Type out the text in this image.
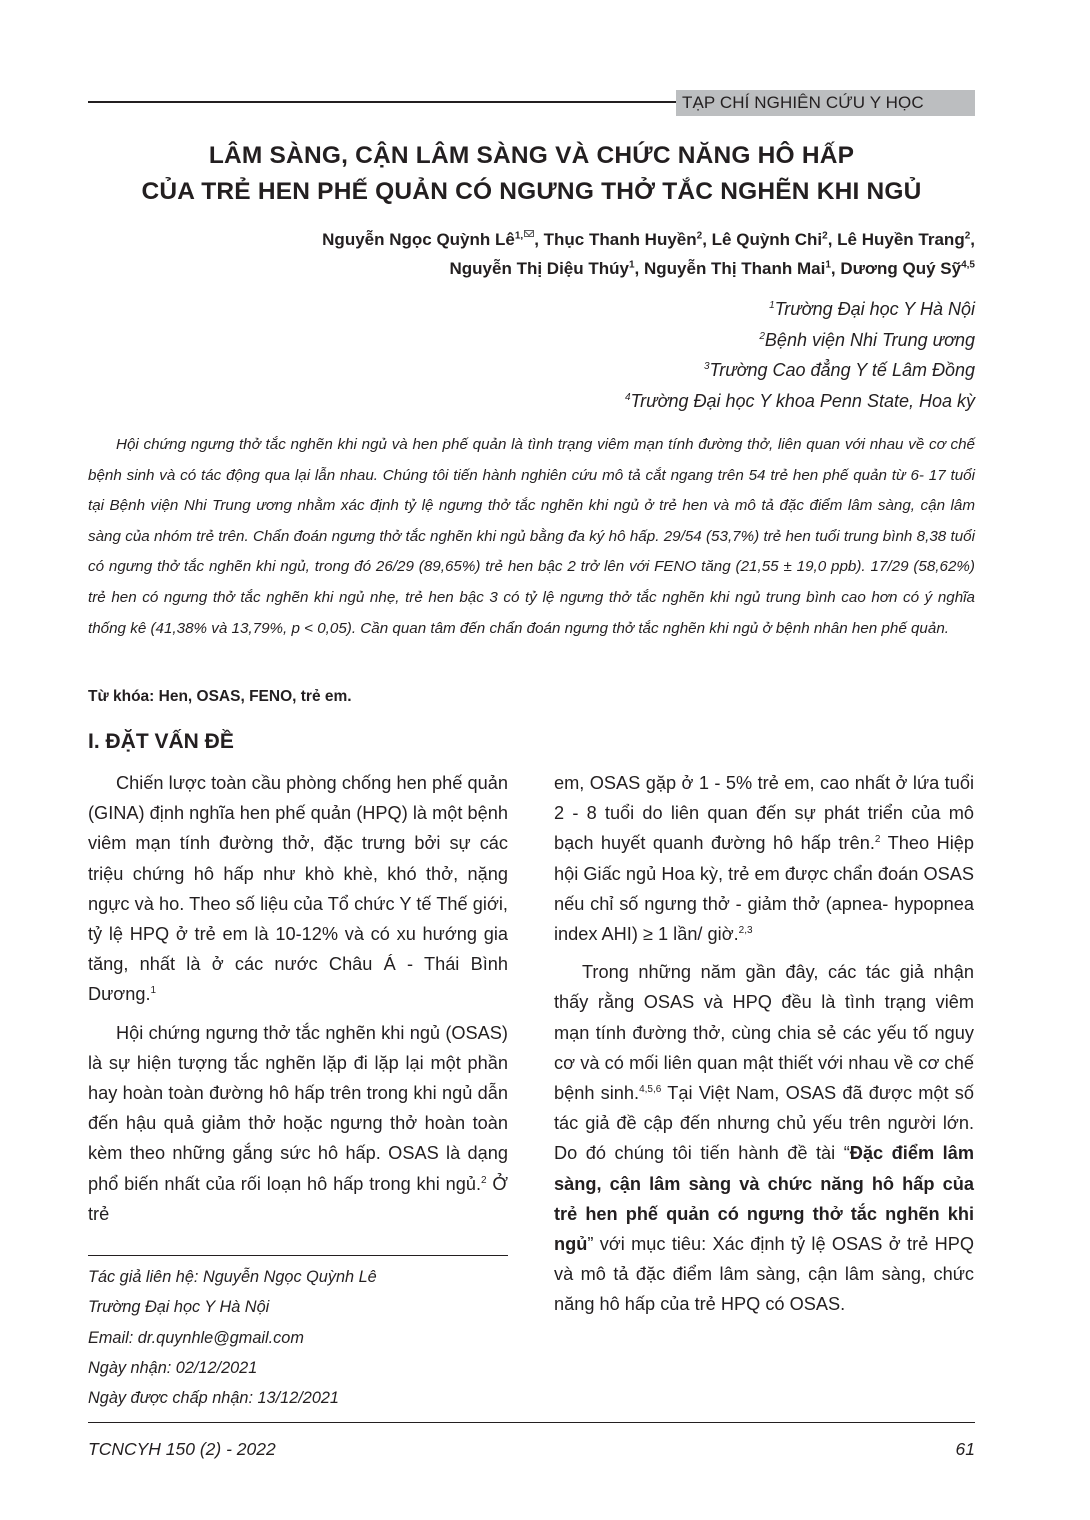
TẠP CHÍ NGHIÊN CỨU Y HỌC
LÂM SÀNG, CẬN LÂM SÀNG VÀ CHỨC NĂNG HÔ HẤP
CỦA TRẺ HEN PHẾ QUẢN CÓ NGƯNG THỞ TẮC NGHẼN KHI NGỦ
Nguyễn Ngọc Quỳnh $Lê^{1,}$ , Thục Thanh Huyền$^2$, Lê Quỳnh Chi$^2$, Lê Huyền Trang$^2$,
Nguyễn Thị Diệu Thúy$^1$, Nguyễn Thị Thanh Mai$^1$, Dương Quý Sỹ$^{4,5}$
$^1$Trường Đại học Y Hà Nội
$^2$Bệnh viện Nhi Trung ương
$^3$Trường Cao đẳng Y tế Lâm Đồng
$^4$Trường Đại học Y khoa Penn State, Hoa kỳ
Hội chứng ngưng thở tắc nghẽn khi ngủ và hen phế quản là tình trạng viêm mạn tính đường thở, liên quan với nhau về cơ chế bệnh sinh và có tác động qua lại lẫn nhau. Chúng tôi tiến hành nghiên cứu mô tả cắt ngang trên 54 trẻ hen phế quản từ 6- 17 tuổi tại Bệnh viện Nhi Trung ương nhằm xác định tỷ lệ ngưng thở tắc nghẽn khi ngủ ở trẻ hen và mô tả đặc điểm lâm sàng, cận lâm sàng của nhóm trẻ trên. Chẩn đoán ngưng thở tắc nghẽn khi ngủ bằng đa ký hô hấp. 29/54 (53,7%) trẻ hen tuổi trung bình 8,38 tuổi có ngưng thở tắc nghẽn khi ngủ, trong đó 26/29 (89,65%) trẻ hen bậc 2 trở lên với FENO tăng (21,55 ± 19,0 ppb). 17/29 (58,62%) trẻ hen có ngưng thở tắc nghẽn khi ngủ nhẹ, trẻ hen bậc 3 có tỷ lệ ngưng thở tắc nghẽn khi ngủ trung bình cao hơn có ý nghĩa thống kê (41,38% và 13,79%, p < 0,05). Cần quan tâm đến chẩn đoán ngưng thở tắc nghẽn khi ngủ ở bệnh nhân hen phế quản.
Từ khóa: Hen, OSAS, FENO, trẻ em.
I. ĐẶT VẤN ĐỀ

Chiến lược toàn cầu phòng chống hen phế quản (GINA) định nghĩa hen phế quản (HPQ) là một bệnh viêm mạn tính đường thở, đặc trưng bởi sự các triệu chứng hô hấp như khò khè, khó thở, nặng ngực và ho. Theo số liệu của Tổ chức Y tế Thế giới, tỷ lệ HPQ ở trẻ em là 10-12% và có xu hướng gia tăng, nhất là ở các nước Châu Á - Thái Bình Dương.$^1$

Hội chứng ngưng thở tắc nghẽn khi ngủ (OSAS) là sự hiện tượng tắc nghẽn lặp đi lặp lại một phần hay hoàn toàn đường hô hấp trên trong khi ngủ dẫn đến hậu quả giảm thở hoặc ngưng thở hoàn toàn kèm theo những gắng sức hô hấp. OSAS là dạng phổ biến nhất của rối loạn hô hấp trong khi ngủ.$^2$ Ở trẻ

em, OSAS gặp ở 1 - 5% trẻ em, cao nhất ở lứa tuổi 2 - 8 tuổi do liên quan đến sự phát triển của mô bạch huyết quanh đường hô hấp trên.$^2$ Theo Hiệp hội Giấc ngủ Hoa kỳ, trẻ em được chẩn đoán OSAS nếu chỉ số ngưng thở - giảm thở (apnea- hypopnea index AHI) ≥ 1 lần/ giờ.$^{2,3}$

Trong những năm gần đây, các tác giả nhận thấy rằng OSAS và HPQ đều là tình trạng viêm mạn tính đường thở, cùng chia sẻ các yếu tố nguy cơ và có mối liên quan mật thiết với nhau về cơ chế bệnh sinh.$^{4,5,6}$ Tại Việt Nam, OSAS đã được một số tác giả đề cập đến nhưng chủ yếu trên người lớn. Do đó chúng tôi tiến hành đề tài “Đặc điểm lâm sàng, cận lâm sàng và chức năng hô hấp của trẻ hen phế quản có ngưng thở tắc nghẽn khi ngủ” với mục tiêu: Xác định tỷ lệ OSAS ở trẻ HPQ và mô tả đặc điểm lâm sàng, cận lâm sàng, chức năng hô hấp của trẻ HPQ có OSAS.

Tác giả liên hệ: Nguyễn Ngọc Quỳnh Lê
Trường Đại học Y Hà Nội
Email: dr.quynhle@gmail.com
Ngày nhận: 02/12/2021
Ngày được chấp nhận: 13/12/2021
TCNCYH 150 (2) - 2022	61
